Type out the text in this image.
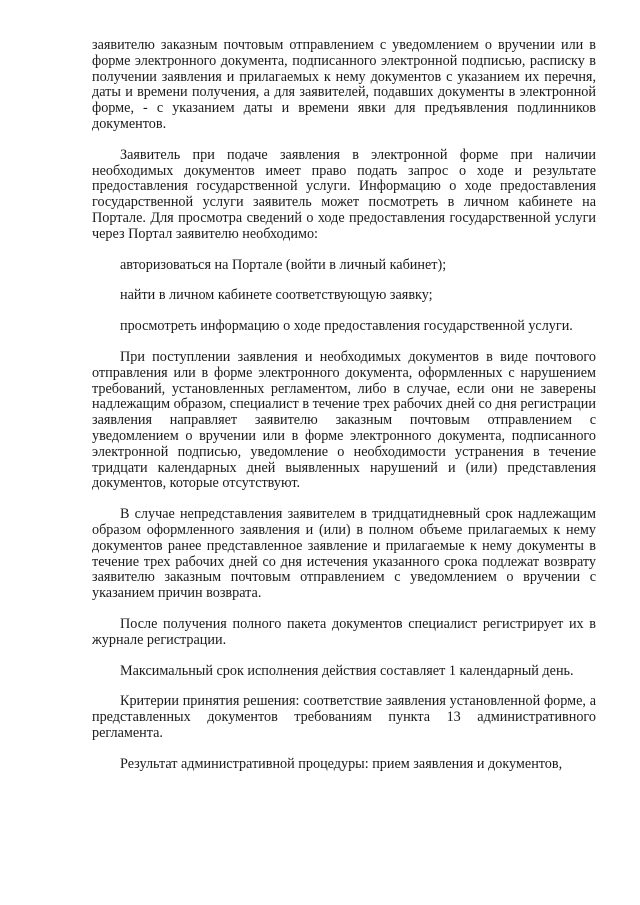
заявителю заказным почтовым отправлением с уведомлением о вручении или в форме электронного документа, подписанного электронной подписью, расписку в получении заявления и прилагаемых к нему документов с указанием их перечня, даты и времени получения, а для заявителей, подавших документы в электронной форме, - с указанием даты и времени явки для предъявления подлинников документов.

Заявитель при подаче заявления в электронной форме при наличии необходимых документов имеет право подать запрос о ходе и результате предоставления государственной услуги. Информацию о ходе предоставления государственной услуги заявитель может посмотреть в личном кабинете на Портале. Для просмотра сведений о ходе предоставления государственной услуги через Портал заявителю необходимо:

авторизоваться на Портале (войти в личный кабинет);

найти в личном кабинете соответствующую заявку;

просмотреть информацию о ходе предоставления государственной услуги.

При поступлении заявления и необходимых документов в виде почтового отправления или в форме электронного документа, оформленных с нарушением требований, установленных регламентом, либо в случае, если они не заверены надлежащим образом, специалист в течение трех рабочих дней со дня регистрации заявления направляет заявителю заказным почтовым отправлением с уведомлением о вручении или в форме электронного документа, подписанного электронной подписью, уведомление о необходимости устранения в течение тридцати календарных дней выявленных нарушений и (или) представления документов, которые отсутствуют.

В случае непредставления заявителем в тридцатидневный срок надлежащим образом оформленного заявления и (или) в полном объеме прилагаемых к нему документов ранее представленное заявление и прилагаемые к нему документы в течение трех рабочих дней со дня истечения указанного срока подлежат возврату заявителю заказным почтовым отправлением с уведомлением о вручении с указанием причин возврата.

После получения полного пакета документов специалист регистрирует их в журнале регистрации.

Максимальный срок исполнения действия составляет 1 календарный день.

Критерии принятия решения: соответствие заявления установленной форме, а представленных документов требованиям пункта 13 административного регламента.

Результат административной процедуры: прием заявления и документов,
